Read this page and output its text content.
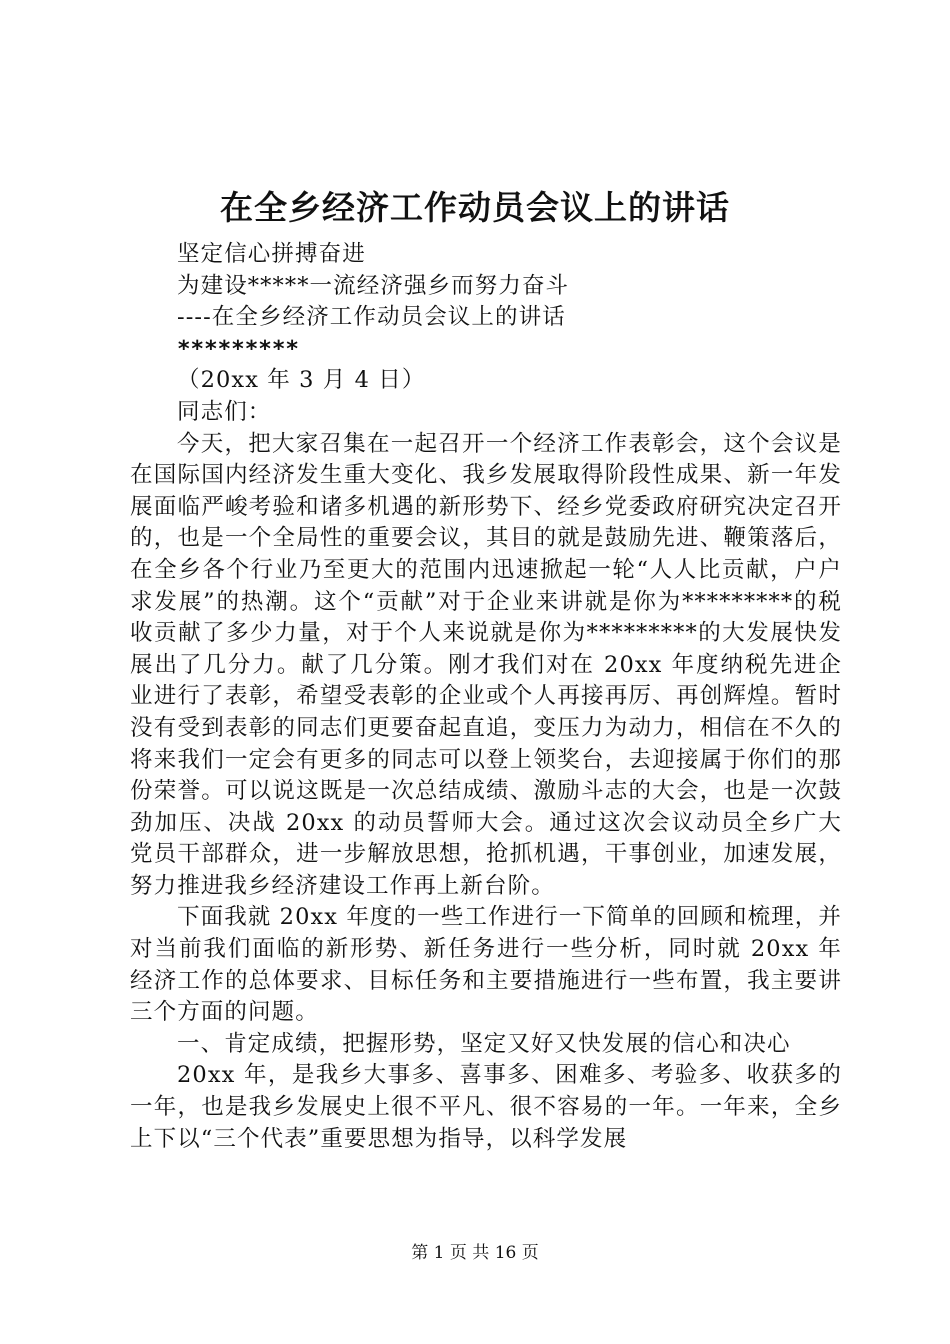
在全乡经济工作动员会议上的讲话
坚定信心拼搏奋进
为建设*****一流经济强乡而努力奋斗
----在全乡经济工作动员会议上的讲话
*********
（20xx 年 3 月 4 日）
同志们：

今天，把大家召集在一起召开一个经济工作表彰会，这个会议是在国际国内经济发生重大变化、我乡发展取得阶段性成果、新一年发展面临严峻考验和诸多机遇的新形势下、经乡党委政府研究决定召开的，也是一个全局性的重要会议，其目的就是鼓励先进、鞭策落后，在全乡各个行业乃至更大的范围内迅速掀起一轮“人人比贡献，户户求发展”的热潮。这个“贡献”对于企业来讲就是你为*********的税收贡献了多少力量，对于个人来说就是你为*********的大发展快发展出了几分力。献了几分策。刚才我们对在 20xx 年度纳税先进企业进行了表彰，希望受表彰的企业或个人再接再厉、再创辉煌。暂时没有受到表彰的同志们更要奋起直追，变压力为动力，相信在不久的将来我们一定会有更多的同志可以登上领奖台，去迎接属于你们的那份荣誉。可以说这既是一次总结成绩、激励斗志的大会，也是一次鼓劲加压、决战 20xx 的动员誓师大会。通过这次会议动员全乡广大党员干部群众，进一步解放思想，抢抓机遇，干事创业，加速发展，努力推进我乡经济建设工作再上新台阶。

下面我就 20xx 年度的一些工作进行一下简单的回顾和梳理，并对当前我们面临的新形势、新任务进行一些分析，同时就 20xx 年经济工作的总体要求、目标任务和主要措施进行一些布置，我主要讲三个方面的问题。

一、肯定成绩，把握形势，坚定又好又快发展的信心和决心

20xx 年，是我乡大事多、喜事多、困难多、考验多、收获多的一年，也是我乡发展史上很不平凡、很不容易的一年。一年来，全乡上下以“三个代表”重要思想为指导，以科学发展

第 1 页 共 16 页
